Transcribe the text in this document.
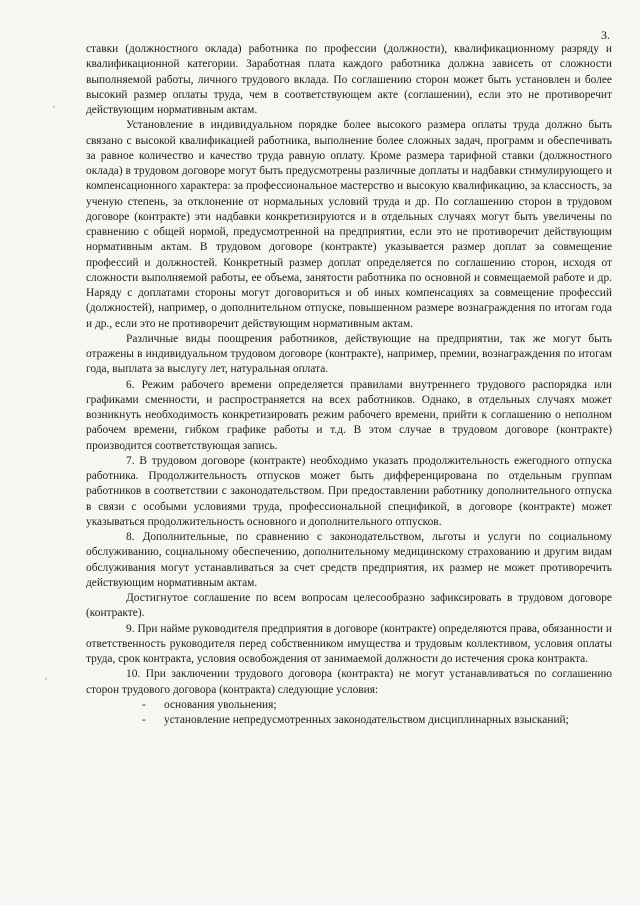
3.
·
·

ставки (должностного оклада) работника по профессии (должности), квалификационному разряду и квалификационной категории. Заработная плата каждого работника должна зависеть от сложности выполняемой работы, личного трудового вклада. По соглашению сторон может быть установлен и более высокий размер оплаты труда, чем в соответствующем акте (соглашении), если это не противоречит действующим нормативным актам.

Установление в индивидуальном порядке более высокого размера оплаты труда должно быть связано с высокой квалификацией работника, выполнение более сложных задач, программ и обеспечивать за равное количество и качество труда равную оплату. Кроме размера тарифной ставки (должностного оклада) в трудовом договоре могут быть предусмотрены различные доплаты и надбавки стимулирующего и компенсационного характера: за профессиональное мастерство и высокую квалификацию, за классность, за ученую степень, за отклонение от нормальных условий труда и др. По соглашению сторон в трудовом договоре (контракте) эти надбавки конкретизируются и в отдельных случаях могут быть увеличены по сравнению с общей нормой, предусмотренной на предприятии, если это не противоречит действующим нормативным актам. В трудовом договоре (контракте) указывается размер доплат за совмещение профессий и должностей. Конкретный размер доплат определяется по соглашению сторон, исходя от сложности выполняемой работы, ее объема, занятости работника по основной и совмещаемой работе и др. Наряду с доплатами стороны могут договориться и об иных компенсациях за совмещение профессий (должностей), например, о дополнительном отпуске, повышенном размере вознаграждения по итогам года и др., если это не противоречит действующим нормативным актам.

Различные виды поощрения работников, действующие на предприятии, так же могут быть отражены в индивидуальном трудовом договоре (контракте), например, премии, вознаграждения по итогам года, выплата за выслугу лет, натуральная оплата.

6. Режим рабочего времени определяется правилами внутреннего трудового распорядка или графиками сменности, и распространяется на всех работников. Однако, в отдельных случаях может возникнуть необходимость конкретизировать режим рабочего времени, прийти к соглашению о неполном рабочем времени, гибком графике работы и т.д. В этом случае в трудовом договоре (контракте) производится соответствующая запись.

7. В трудовом договоре (контракте) необходимо указать продолжительность ежегодного отпуска работника. Продолжительность отпусков может быть дифференцирована по отдельным группам работников в соответствии с законодательством. При предоставлении работнику дополнительного отпуска в связи с особыми условиями труда, профессиональной спецификой, в договоре (контракте) может указываться продолжительность основного и дополнительного отпусков.

8. Дополнительные, по сравнению с законодательством, льготы и услуги по социальному обслуживанию, социальному обеспечению, дополнительному медицинскому страхованию и другим видам обслуживания могут устанавливаться за счет средств предприятия, их размер не может противоречить действующим нормативным актам.

Достигнутое соглашение по всем вопросам целесообразно зафиксировать в трудовом договоре (контракте).

9. При найме руководителя предприятия в договоре (контракте) определяются права, обязанности и ответственность руководителя перед собственником имущества и трудовым коллективом, условия оплаты труда, срок контракта, условия освобождения от занимаемой должности до истечения срока контракта.

10. При заключении трудового договора (контракта) не могут устанавливаться по соглашению сторон трудового договора (контракта) следующие условия:

- основания увольнения;
- установление непредусмотренных законодательством дисциплинарных взысканий;
